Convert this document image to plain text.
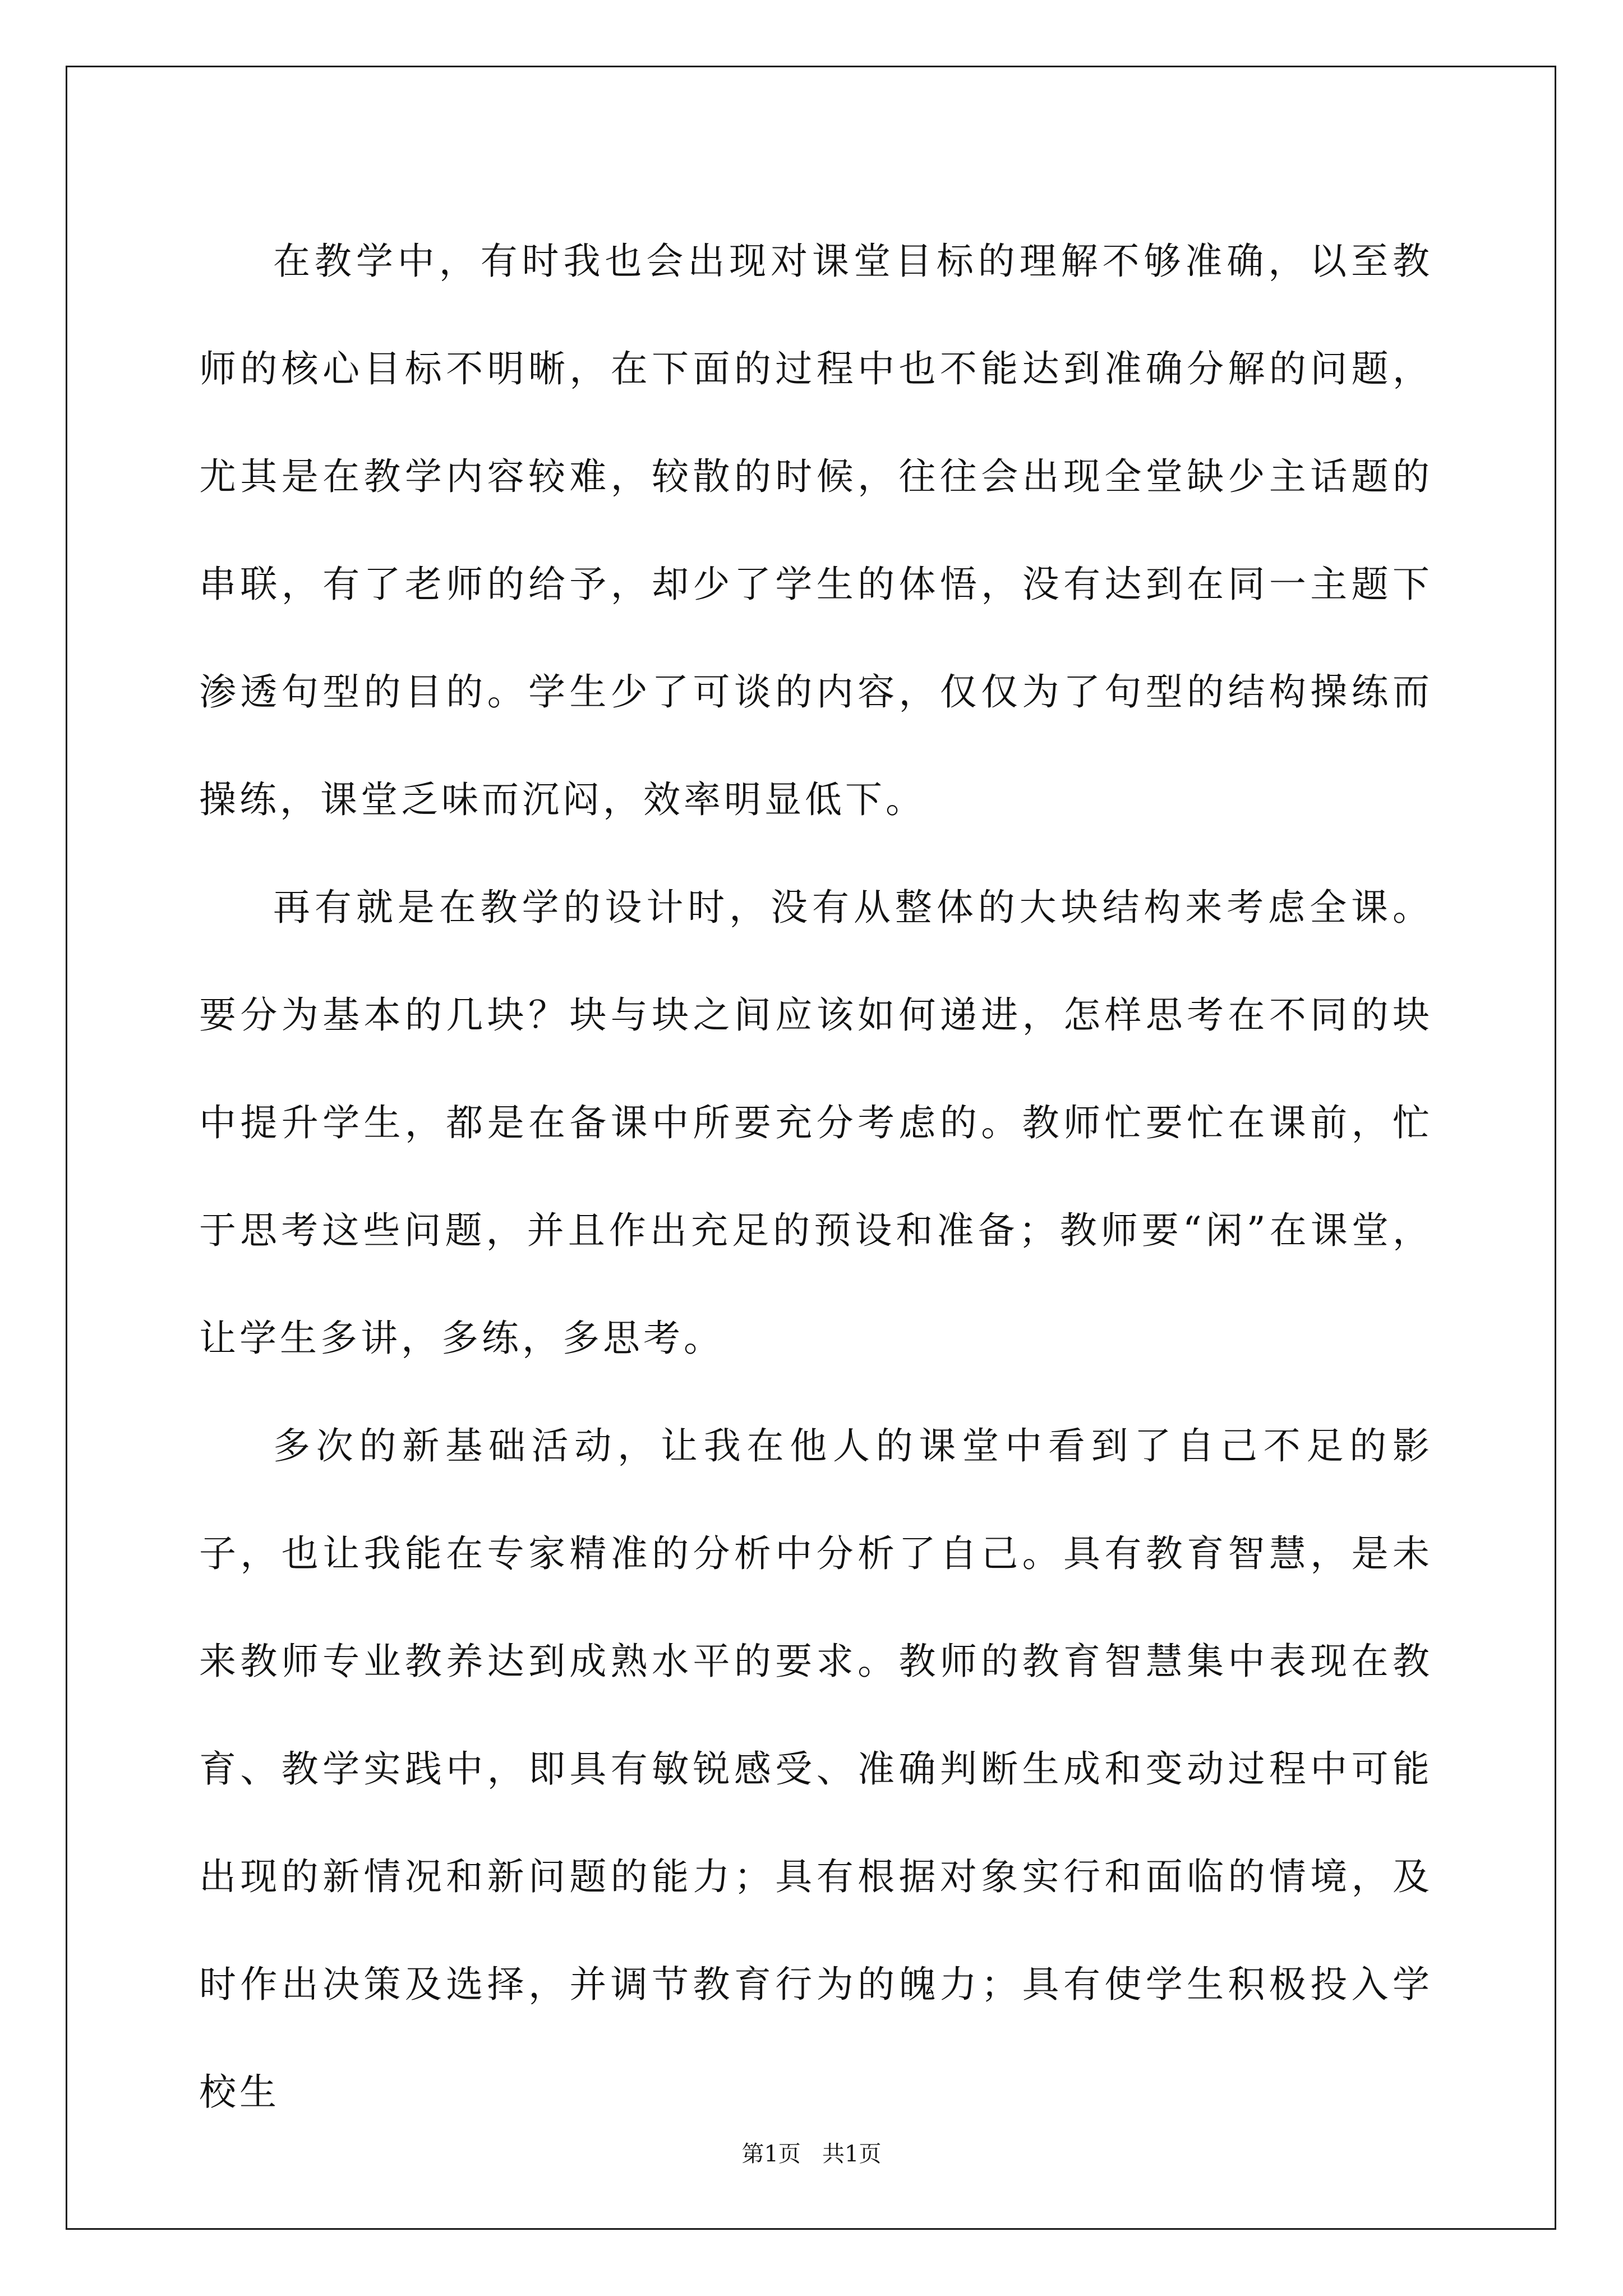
在教学中，有时我也会出现对课堂目标的理解不够准确，以至教师的核心目标不明晰，在下面的过程中也不能达到准确分解的问题，尤其是在教学内容较难，较散的时候，往往会出现全堂缺少主话题的串联，有了老师的给予，却少了学生的体悟，没有达到在同一主题下渗透句型的目的。学生少了可谈的内容，仅仅为了句型的结构操练而操练，课堂乏味而沉闷，效率明显低下。

再有就是在教学的设计时，没有从整体的大块结构来考虑全课。要分为基本的几块？块与块之间应该如何递进，怎样思考在不同的块中提升学生，都是在备课中所要充分考虑的。教师忙要忙在课前，忙于思考这些问题，并且作出充足的预设和准备；教师要“闲”在课堂，让学生多讲，多练，多思考。

多次的新基础活动，让我在他人的课堂中看到了自己不足的影子，也让我能在专家精准的分析中分析了自己。具有教育智慧，是未来教师专业教养达到成熟水平的要求。教师的教育智慧集中表现在教育、教学实践中，即具有敏锐感受、准确判断生成和变动过程中可能出现的新情况和新问题的能力；具有根据对象实行和面临的情境，及时作出决策及选择，并调节教育行为的魄力；具有使学生积极投入学校生

第1页   共1页
